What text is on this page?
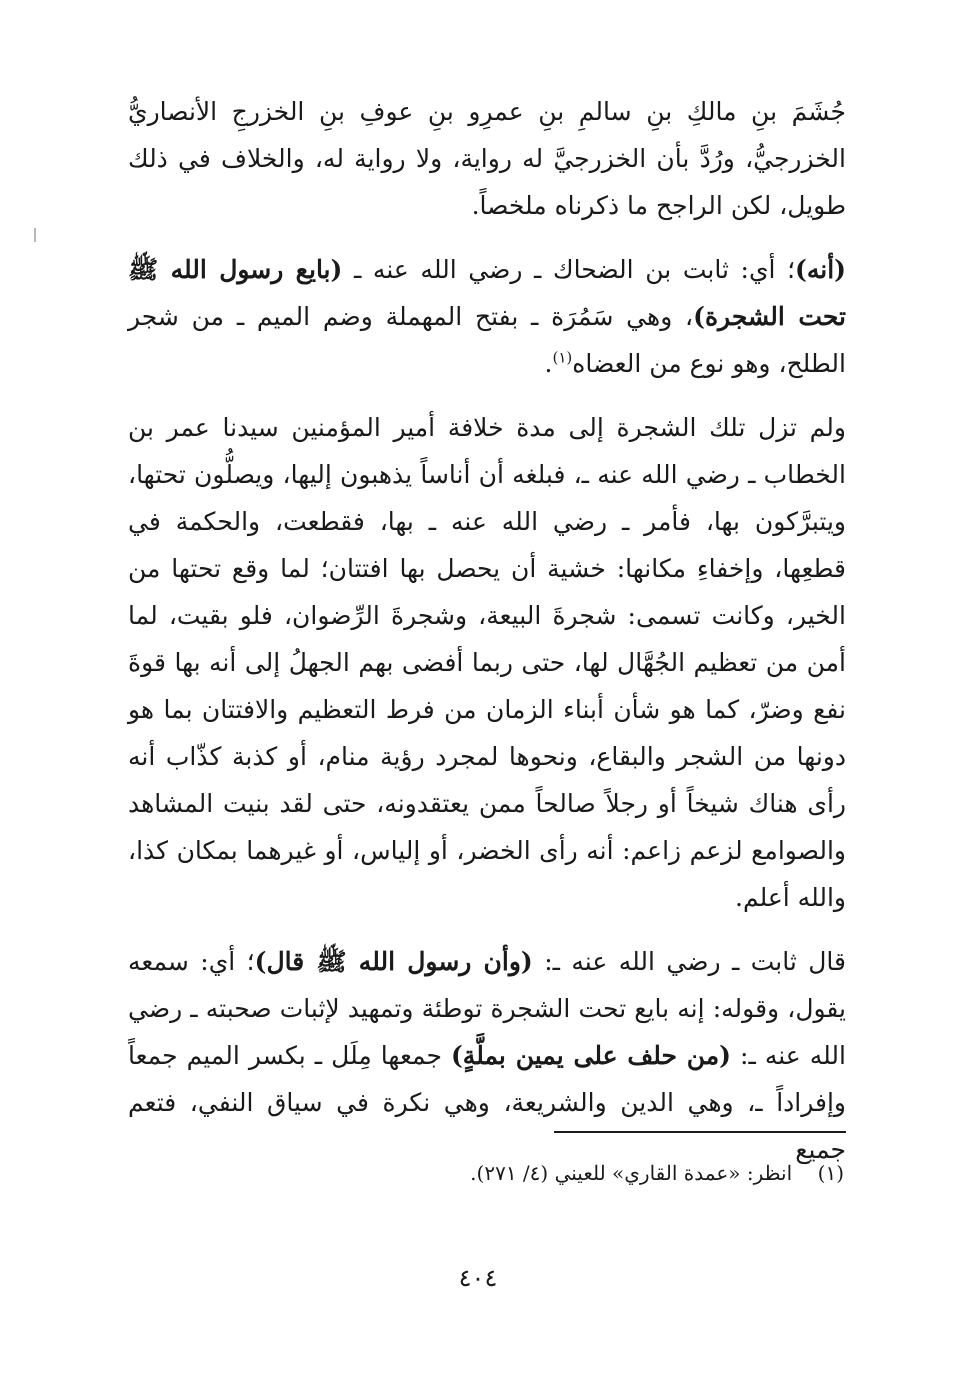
جُشَمَ بنِ مالكِ بنِ سالمِ بنِ عمرِو بنِ عوفِ بنِ الخزرجِ الأنصاريُّ الخزرجيُّ، ورُدَّ بأن الخزرجيَّ له رواية، ولا رواية له، والخلاف في ذلك طويل، لكن الراجح ما ذكرناه ملخصاً.

(أنه)؛ أي: ثابت بن الضحاك ـ رضي الله عنه ـ (بايع رسول الله ﷺ تحت الشجرة)، وهي سَمُرَة ـ بفتح المهملة وضم الميم ـ من شجر الطلح، وهو نوع من العضاه$^{(١)}$.

ولم تزل تلك الشجرة إلى مدة خلافة أمير المؤمنين سيدنا عمر بن الخطاب ـ رضي الله عنه ـ، فبلغه أن أناساً يذهبون إليها، ويصلُّون تحتها، ويتبرَّكون بها، فأمر ـ رضي الله عنه ـ بها، فقطعت، والحكمة في قطعِها، وإخفاءِ مكانها: خشية أن يحصل بها افتتان؛ لما وقع تحتها من الخير، وكانت تسمى: شجرةَ البيعة، وشجرةَ الرِّضوان، فلو بقيت، لما أمن من تعظيم الجُهَّال لها، حتى ربما أفضى بهم الجهلُ إلى أنه بها قوةَ نفع وضرّ، كما هو شأن أبناء الزمان من فرط التعظيم والافتتان بما هو دونها من الشجر والبقاع، ونحوها لمجرد رؤية منام، أو كذبة كذّاب أنه رأى هناك شيخاً أو رجلاً صالحاً ممن يعتقدونه، حتى لقد بنيت المشاهد والصوامع لزعم زاعم: أنه رأى الخضر، أو إلياس، أو غيرهما بمكان كذا، والله أعلم.

قال ثابت ـ رضي الله عنه ـ: (وأن رسول الله ﷺ قال)؛ أي: سمعه يقول، وقوله: إنه بايع تحت الشجرة توطئة وتمهيد لإثبات صحبته ـ رضي الله عنه ـ: (من حلف على يمين بملَّةٍ) جمعها مِلَل ـ بكسر الميم جمعاً وإفراداً ـ، وهي الدين والشريعة، وهي نكرة في سياق النفي، فتعم جميع

(١)    انظر: «عمدة القاري» للعيني (٤/ ٢٧١).
٤٠٤
